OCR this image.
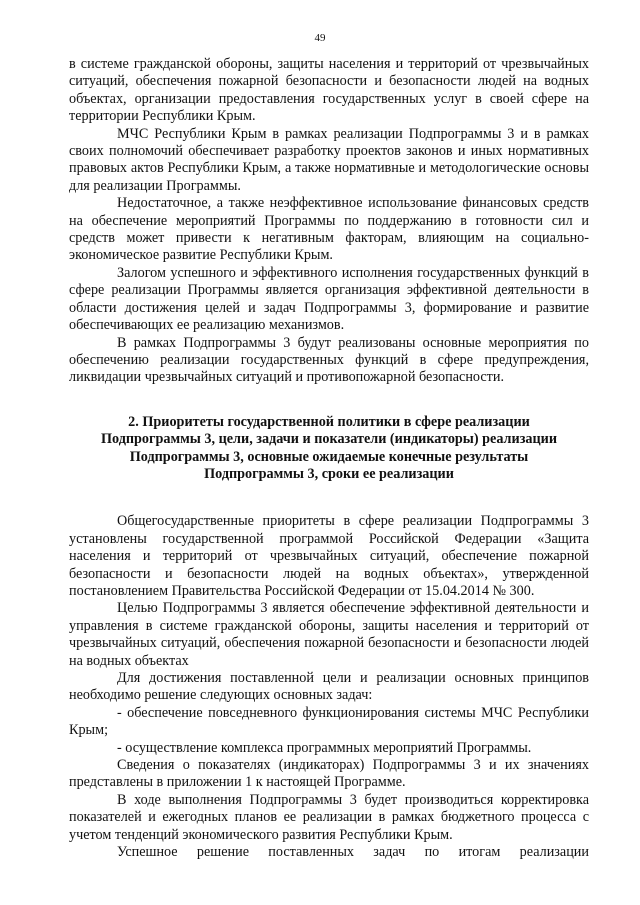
49

в системе гражданской обороны, защиты населения и территорий от чрезвычайных ситуаций, обеспечения пожарной безопасности и безопасности людей на водных объектах, организации предоставления государственных услуг в своей сфере на территории Республики Крым.

МЧС Республики Крым в рамках реализации Подпрограммы 3 и в рамках своих полномочий обеспечивает разработку проектов законов и иных нормативных правовых актов Республики Крым, а также нормативные и методологические основы для реализации Программы.

Недостаточное, а также неэффективное использование финансовых средств на обеспечение мероприятий Программы по поддержанию в готовности сил и средств может привести к негативным факторам, влияющим на социально-экономическое развитие Республики Крым.

Залогом успешного и эффективного исполнения государственных функций в сфере реализации Программы является организация эффективной деятельности в области достижения целей и задач Подпрограммы 3, формирование и развитие обеспечивающих ее реализацию механизмов.

В рамках Подпрограммы 3 будут реализованы основные мероприятия по обеспечению реализации государственных функций в сфере предупреждения, ликвидации чрезвычайных ситуаций и противопожарной безопасности.

2. Приоритеты государственной политики в сфере реализации Подпрограммы 3, цели, задачи и показатели (индикаторы) реализации Подпрограммы 3, основные ожидаемые конечные результаты Подпрограммы 3, сроки ее реализации

Общегосударственные приоритеты в сфере реализации Подпрограммы 3 установлены государственной программой Российской Федерации «Защита населения и территорий от чрезвычайных ситуаций, обеспечение пожарной безопасности и безопасности людей на водных объектах», утвержденной постановлением Правительства Российской Федерации от 15.04.2014 № 300.

Целью Подпрограммы 3 является обеспечение эффективной деятельности и управления в системе гражданской обороны, защиты населения и территорий от чрезвычайных ситуаций, обеспечения пожарной безопасности и безопасности людей на водных объектах

Для достижения поставленной цели и реализации основных принципов необходимо решение следующих основных задач:

- обеспечение повседневного функционирования системы МЧС Республики Крым;

- осуществление комплекса программных мероприятий Программы.

Сведения о показателях (индикаторах) Подпрограммы 3 и их значениях представлены в приложении 1 к настоящей Программе.

В ходе выполнения Подпрограммы 3 будет производиться корректировка показателей и ежегодных планов ее реализации в рамках бюджетного процесса с учетом тенденций экономического развития Республики Крым.

Успешное решение поставленных задач по итогам реализации
